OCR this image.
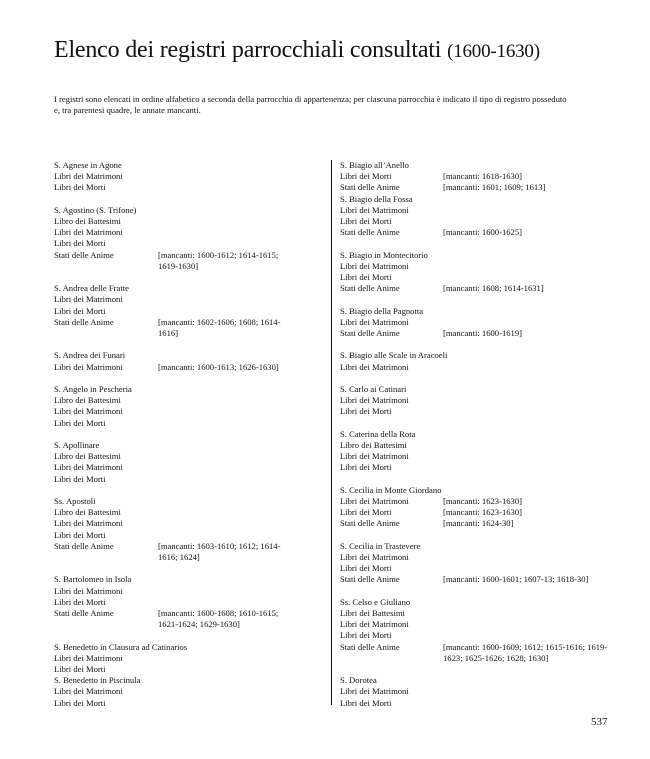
Elenco dei registri parrocchiali consultati (1600-1630)

I registri sono elencati in ordine alfabetico a seconda della parrocchia di appartenenza; per ciascuna parrocchia è indicato il tipo di registro posseduto e, tra parentesi quadre, le annate mancanti.

S. Agnese in Agone
Libri dei Matrimoni
Libri dei Morti
S. Agostino (S. Trifone)
Libro dei Battesimi
Libri dei Matrimoni
Libri dei Morti
Stati delle Anime	[mancanti: 1600-1612; 1614-1615; 1619-1630]
S. Andrea delle Fratte
Libri dei Matrimoni
Libri dei Morti
Stati delle Anime	[mancanti: 1602-1606; 1608; 1614-1616]
S. Andrea dei Funari
Libri dei Matrimoni	[mancanti: 1600-1613; 1626-1630]
S. Angelo in Pescheria
Libro dei Battesimi
Libri dei Matrimoni
Libri dei Morti
S. Apollinare
Libro dei Battesimi
Libri dei Matrimoni
Libri dei Morti
Ss. Apostoli
Libro dei Battesimi
Libri dei Matrimoni
Libri dei Morti
Stati delle Anime	[mancanti: 1603-1610; 1612; 1614-1616; 1624]
S. Bartolomeo in Isola
Libri dei Matrimoni
Libri dei Morti
Stati delle Anime	[mancanti: 1600-1608; 1610-1615; 1621-1624; 1629-1630]
S. Benedetto in Clausura ad Catinarios
Libri dei Matrimoni
Libri dei Morti
S. Benedetto in Piscinula
Libri dei Matrimoni
Libri dei Morti
S. Biagio all’Anello
Libri dei Morti	[mancanti: 1618-1630]
Stati delle Anime	[mancanti: 1601; 1609; 1613]
S. Biagio della Fossa
Libri dei Matrimoni
Libri dei Morti
Stati delle Anime	[mancanti: 1600-1625]
S. Biagio in Montecitorio
Libri dei Matrimoni
Libri dei Morti
Stati delle Anime	[mancanti: 1608; 1614-1631]
S. Biagio della Pagnotta
Libri dei Matrimoni
Stati delle Anime	[mancanti: 1600-1619]
S. Biagio alle Scale in Aracoeli
Libri dei Matrimoni
S. Carlo ai Catinari
Libri dei Matrimoni
Libri dei Morti
S. Caterina della Rota
Libro dei Battesimi
Libri dei Matrimoni
Libri dei Morti
S. Cecilia in Monte Giordano
Libri dei Matrimoni	[mancanti: 1623-1630]
Libri dei Morti	[mancanti: 1623-1630]
Stati delle Anime	[mancanti: 1624-30]
S. Cecilia in Trastevere
Libri dei Matrimoni
Libri dei Morti
Stati delle Anime	[mancanti: 1600-1601; 1607-13; 1618-30]
Ss. Celso e Giuliano
Libri dei Battesimi
Libri dei Matrimoni
Libri dei Morti
Stati delle Anime	[mancanti: 1600-1609; 1612; 1615-1616; 1619-1623; 1625-1626; 1628; 1630]
S. Dorotea
Libri dei Matrimoni
Libri dei Morti
537
